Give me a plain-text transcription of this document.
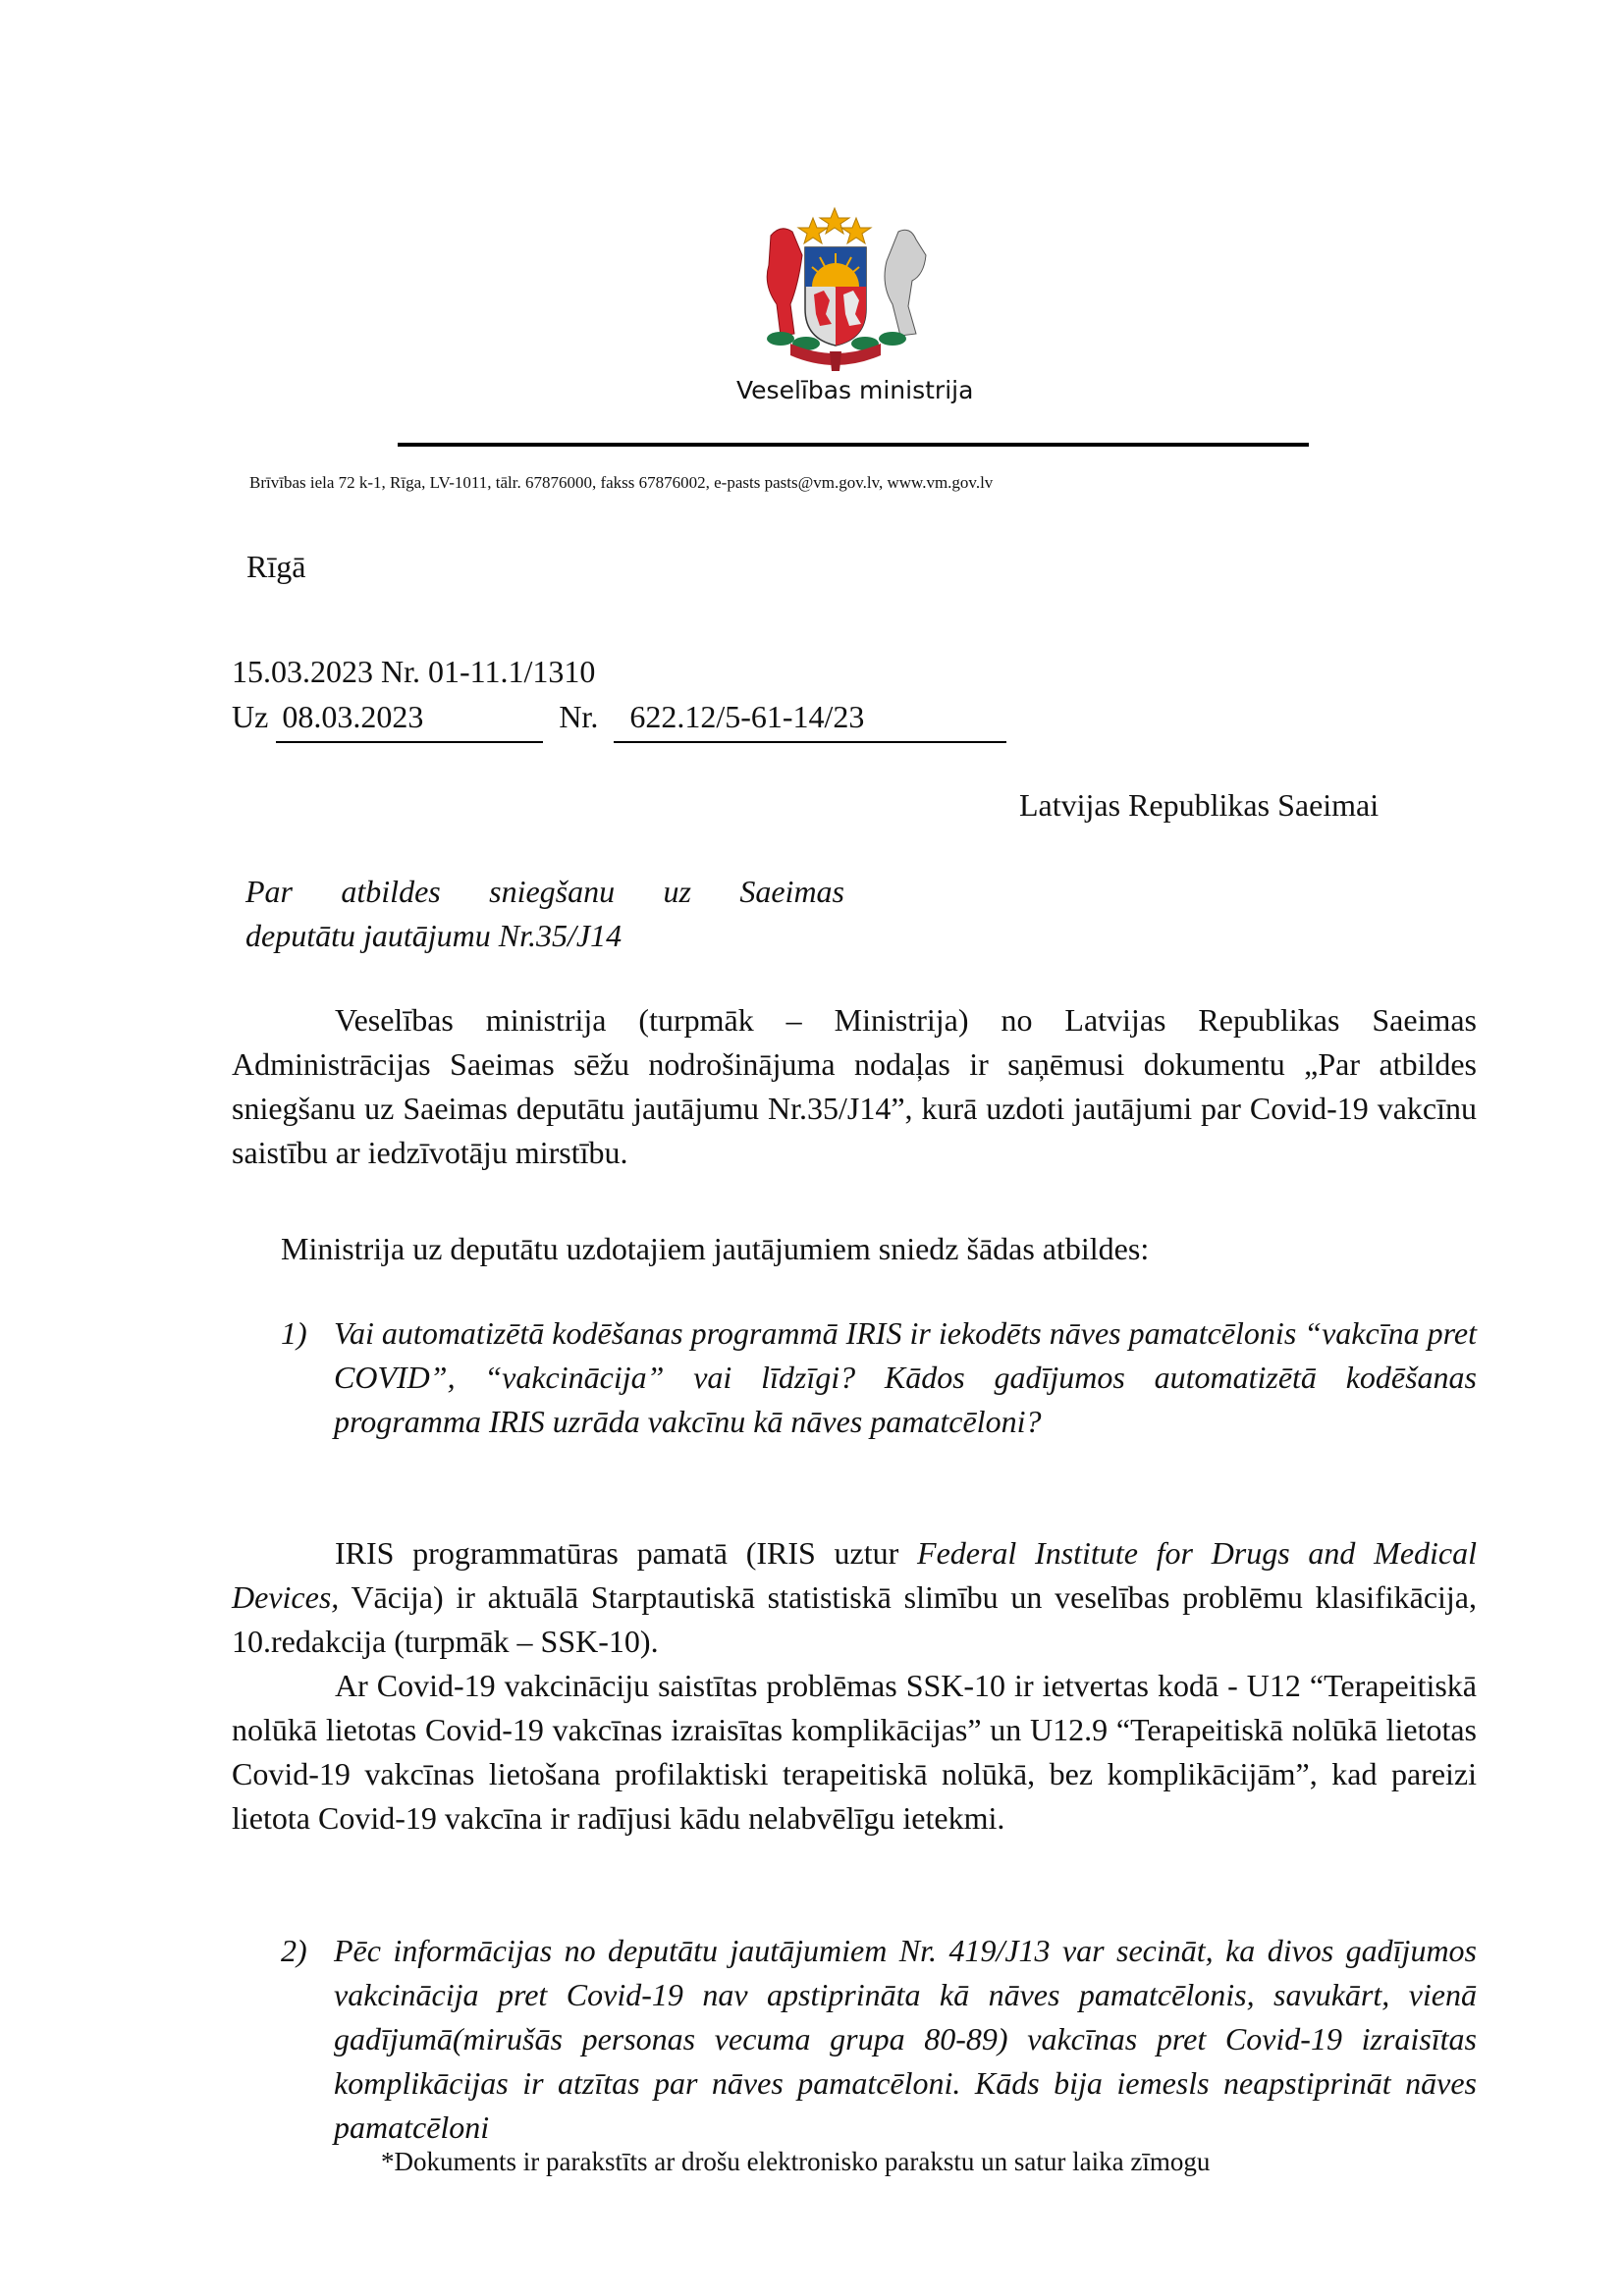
Veselības ministrija
Brīvības iela 72 k-1, Rīga, LV-1011, tālr. 67876000, fakss 67876002, e-pasts pasts@vm.gov.lv, www.vm.gov.lv
Rīgā
15.03.2023 Nr. 01-11.1/1310
Uz 08.03.2023	Nr. 622.12/5-61-14/23
Latvijas Republikas Saeimai
Par atbildes sniegšanu uz Saeimas
deputātu jautājumu Nr.35/J14
Veselības ministrija (turpmāk – Ministrija) no Latvijas Republikas Saeimas Administrācijas Saeimas sēžu nodrošinājuma nodaļas ir saņēmusi dokumentu „Par atbildes sniegšanu uz Saeimas deputātu jautājumu Nr.35/J14”, kurā uzdoti jautājumi par Covid-19 vakcīnu saistību ar iedzīvotāju mirstību.
Ministrija uz deputātu uzdotajiem jautājumiem sniedz šādas atbildes:
1) Vai automatizētā kodēšanas programmā IRIS ir iekodēts nāves pamatcēlonis “vakcīna pret COVID”, “vakcinācija” vai līdzīgi? Kādos gadījumos automatizētā kodēšanas programma IRIS uzrāda vakcīnu kā nāves pamatcēloni?
IRIS programmatūras pamatā (IRIS uztur Federal Institute for Drugs and Medical Devices, Vācija) ir aktuālā Starptautiskā statistiskā slimību un veselības problēmu klasifikācija, 10.redakcija (turpmāk – SSK-10).
Ar Covid-19 vakcināciju saistītas problēmas SSK-10 ir ietvertas kodā - U12 “Terapeitiskā nolūkā lietotas Covid-19 vakcīnas izraisītas komplikācijas” un U12.9 “Terapeitiskā nolūkā lietotas Covid-19 vakcīnas lietošana profilaktiski terapeitiskā nolūkā, bez komplikācijām”, kad pareizi lietota Covid-19 vakcīna ir radījusi kādu nelabvēlīgu ietekmi.
2) Pēc informācijas no deputātu jautājumiem Nr. 419/J13 var secināt, ka divos gadījumos vakcinācija pret Covid-19 nav apstiprināta kā nāves pamatcēlonis, savukārt, vienā gadījumā(mirušās personas vecuma grupa 80-89) vakcīnas pret Covid-19 izraisītas komplikācijas ir atzītas par nāves pamatcēloni. Kāds bija iemesls neapstiprināt nāves pamatcēloni
*Dokuments ir parakstīts ar drošu elektronisko parakstu un satur laika zīmogu
